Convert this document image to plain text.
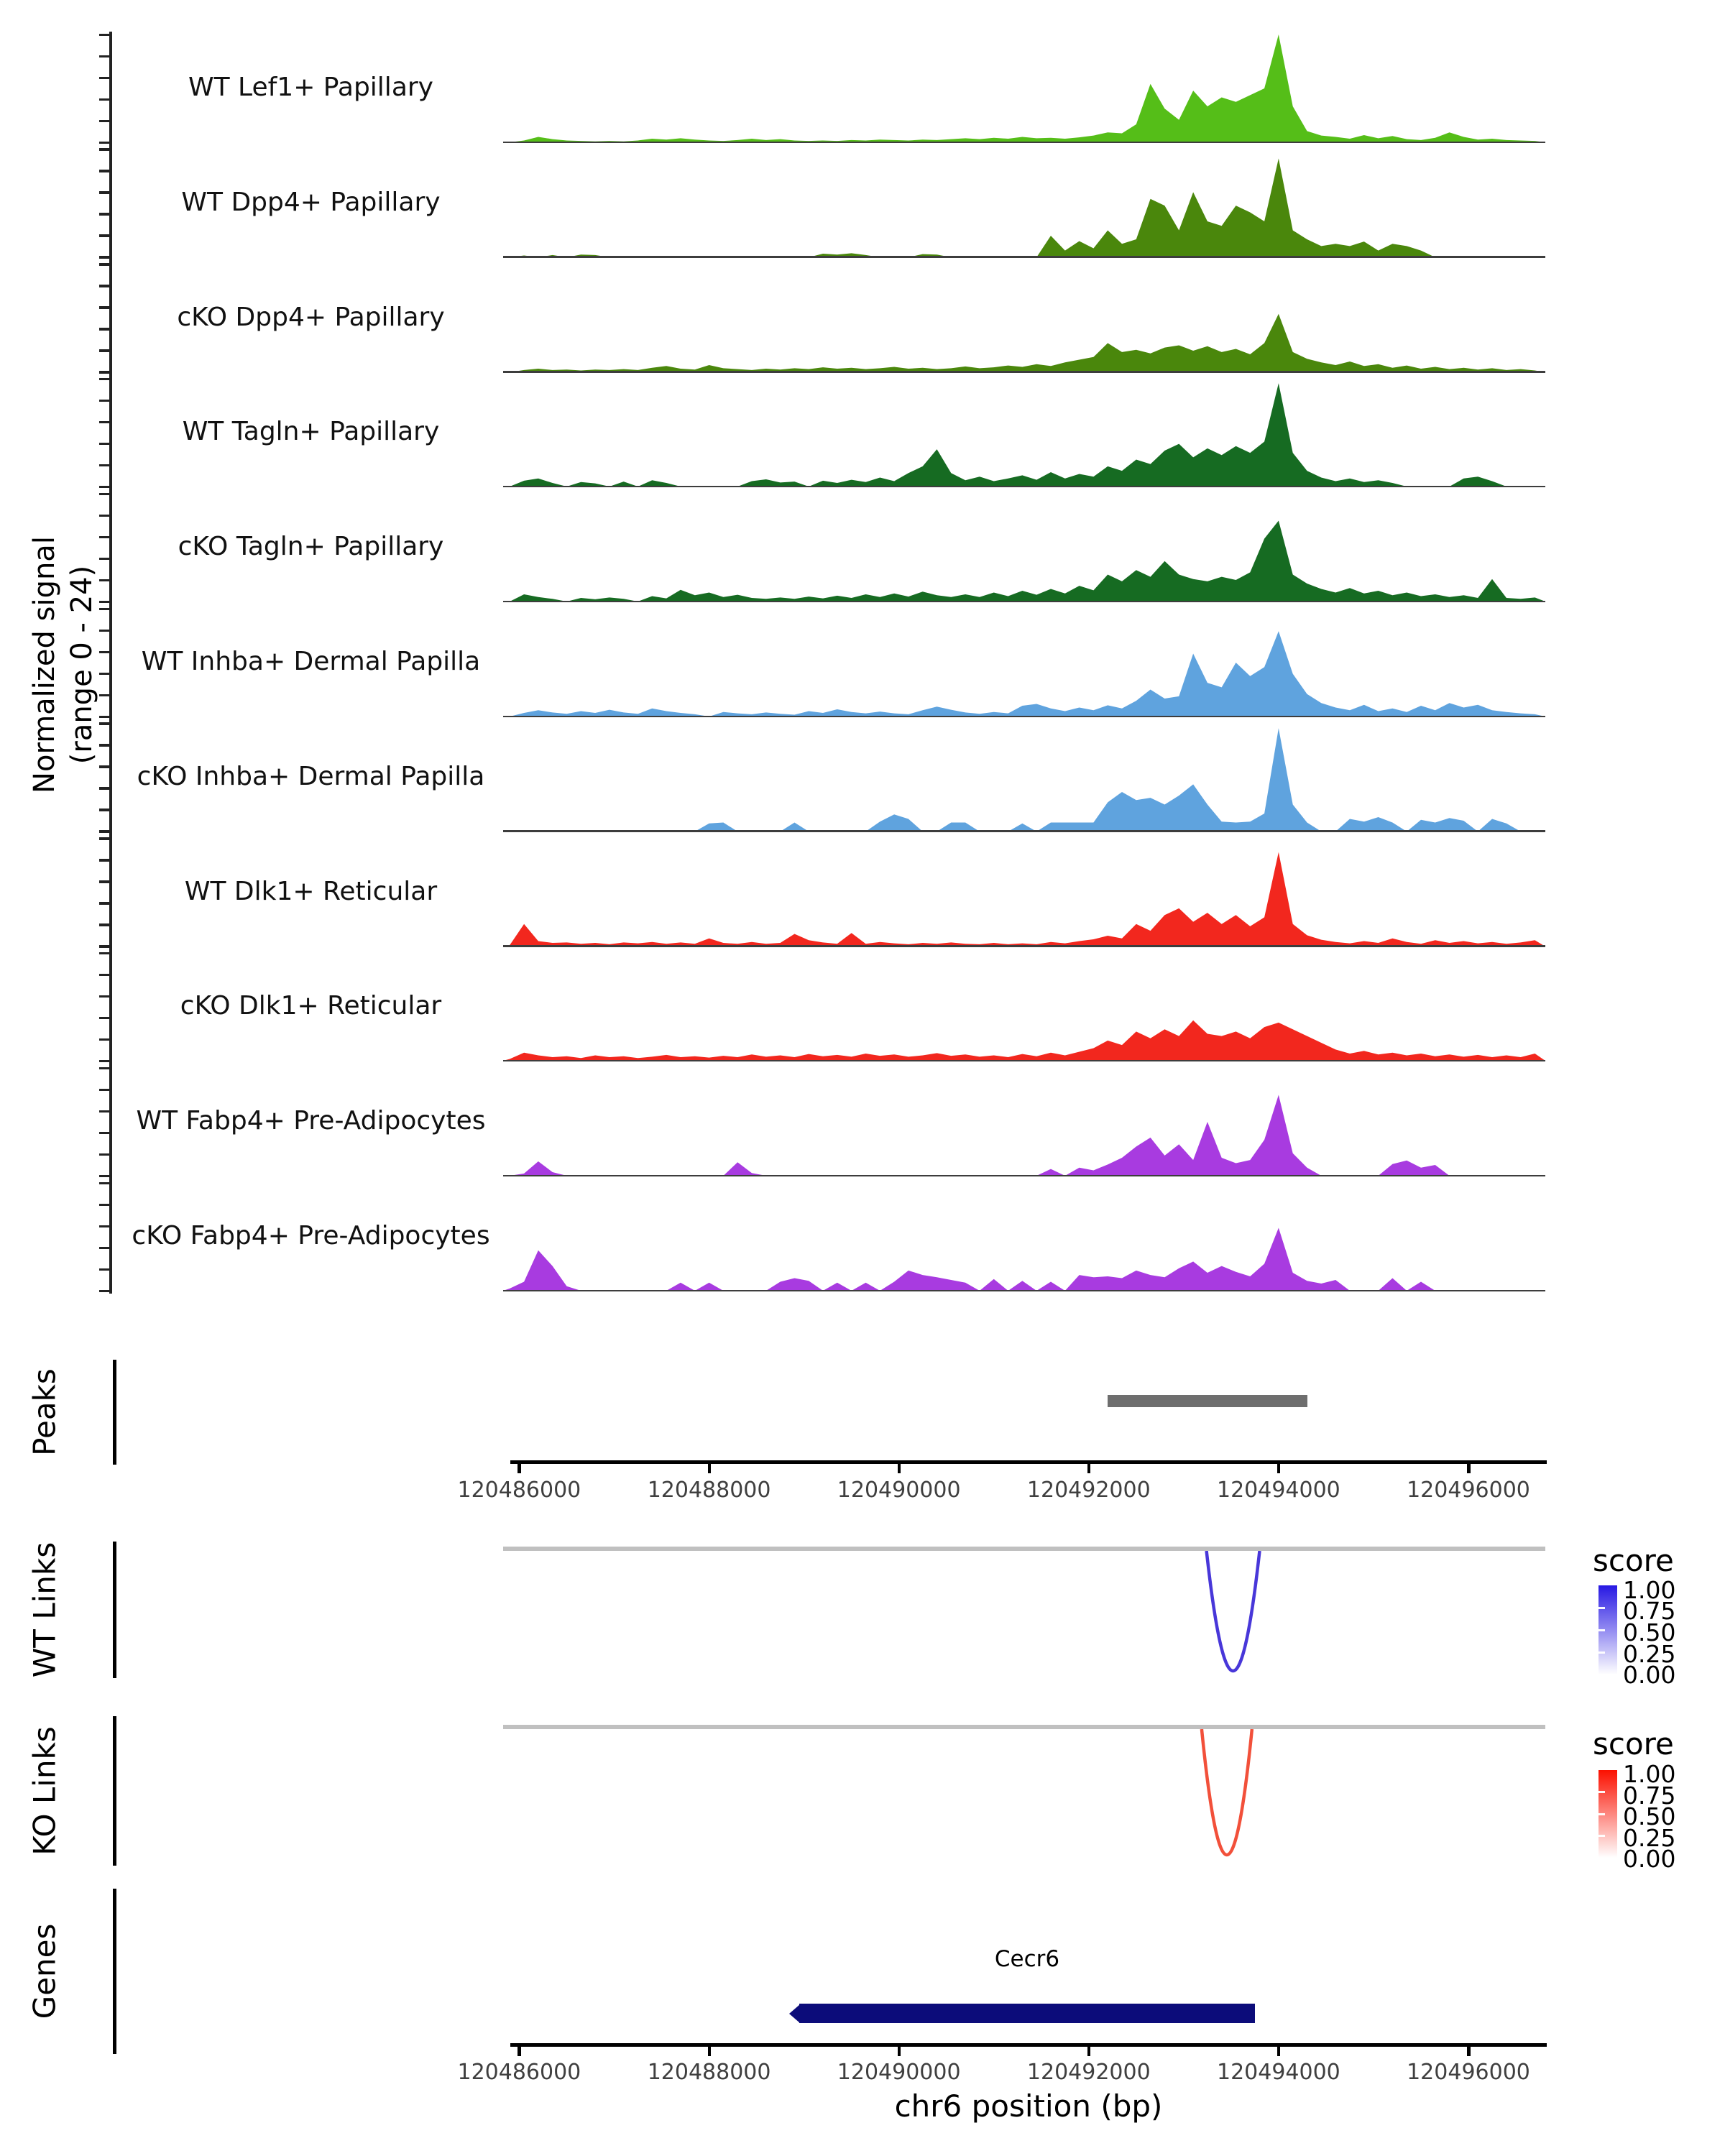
Normalized signal (range 0 - 24)
WT Lef1+ Papillary
WT Dpp4+ Papillary
cKO Dpp4+ Papillary
WT Tagln+ Papillary
cKO Tagln+ Papillary
WT Inhba+ Dermal Papilla
cKO Inhba+ Dermal Papilla
WT Dlk1+ Reticular
cKO Dlk1+ Reticular
WT Fabp4+ Pre-Adipocytes
cKO Fabp4+ Pre-Adipocytes
Peaks
WT Links
KO Links
Genes
120486000	120488000	120490000	120492000	120494000	120496000
score
1.00
0.75
0.50
0.25
0.00
score
1.00
0.75
0.50
0.25
0.00
Cecr6
120486000	120488000	120490000	120492000	120494000	120496000
chr6 position (bp)
